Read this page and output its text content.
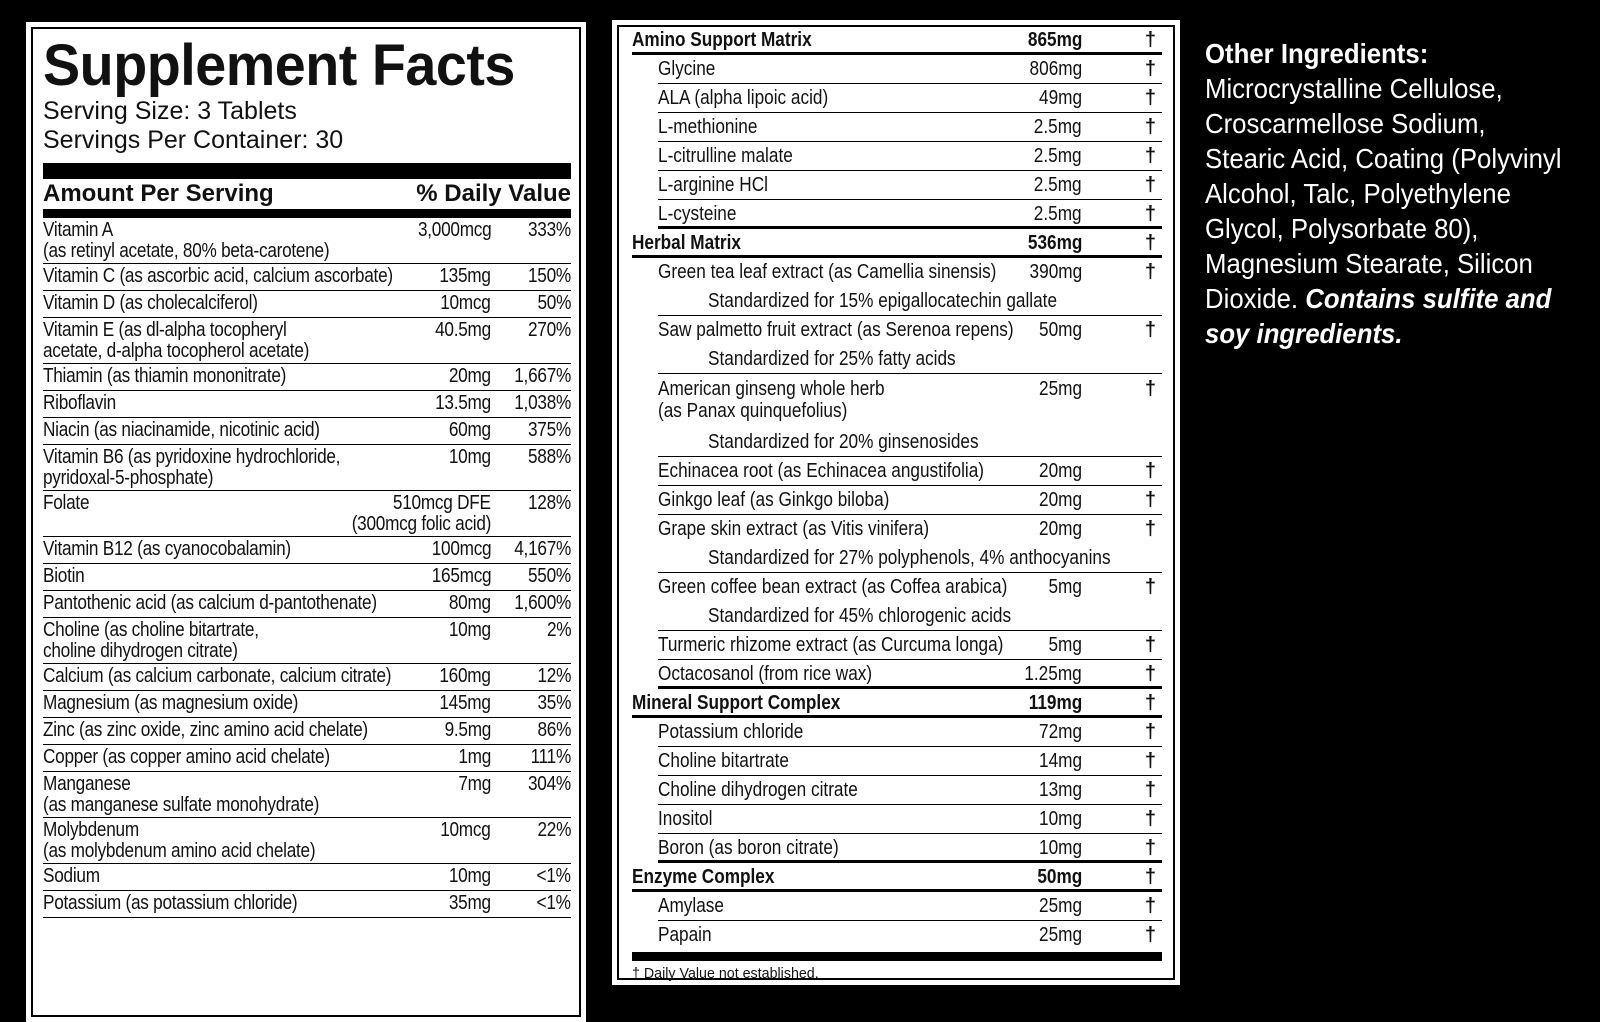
Supplement Facts
Serving Size: 3 Tablets
Servings Per Container: 30
Amount Per Serving	% Daily Value
Vitamin A
(as retinyl acetate, 80% beta-carotene)
3,000mcg 333%
Vitamin C (as ascorbic acid, calcium ascorbate)	135mg 150%
Vitamin D (as cholecalciferol)	10mcg 50%
Vitamin E (as dl-alpha tocopheryl
acetate, d-alpha tocopherol acetate)
40.5mg 270%
Thiamin (as thiamin mononitrate)	20mg 1,667%
Riboflavin	13.5mg 1,038%
Niacin (as niacinamide, nicotinic acid)	60mg 375%
Vitamin B6 (as pyridoxine hydrochloride,
pyridoxal-5-phosphate)
10mg 588%
Folate	510mcg DFE
(300mcg folic acid)
128%

Vitamin B12 (as cyanocobalamin)	100mcg 4,167%
Biotin	165mcg 550%
Pantothenic acid (as calcium d-pantothenate)	80mg 1,600%
Choline (as choline bitartrate,
choline dihydrogen citrate)
10mg	2%
Calcium (as calcium carbonate, calcium citrate)	160mg 12%
Magnesium (as magnesium oxide)	145mg 35%
Zinc (as zinc oxide, zinc amino acid chelate)	9.5mg 86%
Copper (as copper amino acid chelate)	1mg 111%
Manganese
(as manganese sulfate monohydrate)
7mg 304%
Molybdenum
(as molybdenum amino acid chelate)
10mcg 22%
Sodium	10mg <1%
Potassium (as potassium chloride)	35mg <1%
Amino Support Matrix	865mg	†
Glycine	806mg	†
ALA (alpha lipoic acid)	49mg	†
L-methionine	2.5mg	†
L-citrulline malate	2.5mg	†
L-arginine HCl	2.5mg	†
L-cysteine	2.5mg	†
Herbal Matrix	536mg	†
Green tea leaf extract (as Camellia sinensis) 390mg	†
Standardized for 15% epigallocatechin gallate
Saw palmetto fruit extract (as Serenoa repens) 50mg	†
Standardized for 25% fatty acids
American ginseng whole herb
(as Panax quinquefolius)
25mg	†
Standardized for 20% ginsenosides
Echinacea root (as Echinacea angustifolia)	20mg	†
Ginkgo leaf (as Ginkgo biloba)	20mg	†
Grape skin extract (as Vitis vinifera)	20mg	†
Standardized for 27% polyphenols, 4% anthocyanins
Green coffee bean extract (as Coffea arabica) 5mg	†
Standardized for 45% chlorogenic acids
Turmeric rhizome extract (as Curcuma longa) 5mg	†
Octacosanol (from rice wax)	1.25mg	†
Mineral Support Complex	119mg	†
Potassium chloride	72mg	†
Choline bitartrate	14mg	†
Choline dihydrogen citrate	13mg	†
Inositol	10mg	†
Boron (as boron citrate)	10mg	†
Enzyme Complex	50mg	†
Amylase	25mg	†
Papain	25mg	†
† Daily Value not established.
Other Ingredients:
Microcrystalline Cellulose, Croscarmellose Sodium, Stearic Acid, Coating (Polyvinyl Alcohol, Talc, Polyethylene Glycol, Polysorbate 80), Magnesium Stearate, Silicon Dioxide. Contains sulfite and soy ingredients.
